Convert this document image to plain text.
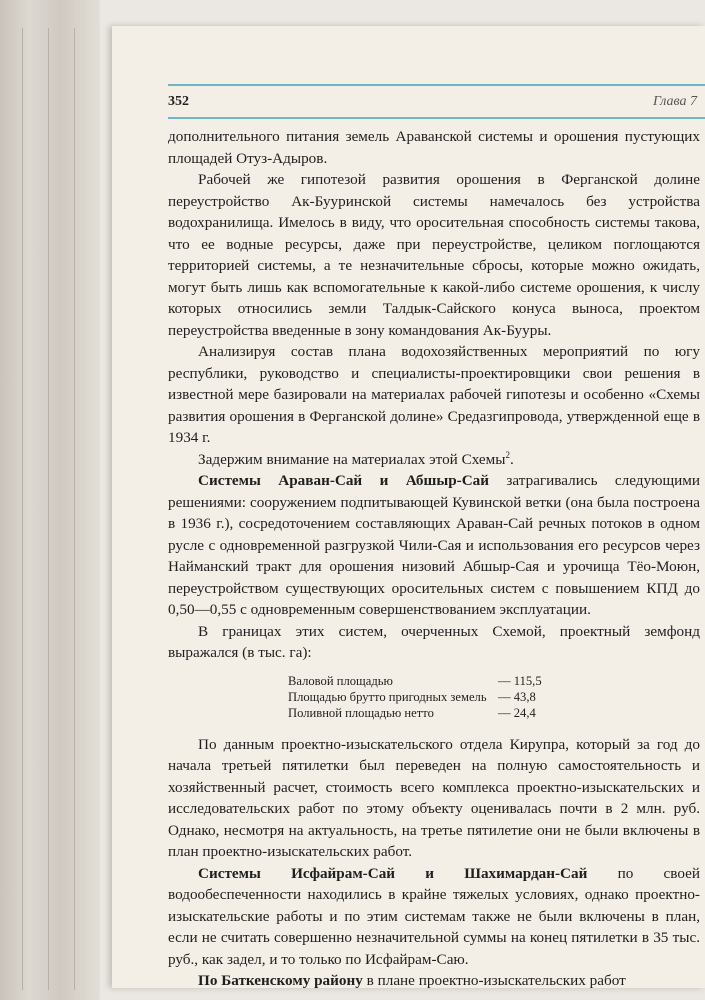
352	Глава 7

дополнительного питания земель Араванской системы и орошения пустующих площадей Отуз-Адыров.

Рабочей же гипотезой развития орошения в Ферганской долине переустройство Ак-Бууринской системы намечалось без устройства водохранилища. Имелось в виду, что оросительная способность системы такова, что ее водные ресурсы, даже при переустройстве, целиком поглощаются территорией системы, а те незначительные сбросы, которые можно ожидать, могут быть лишь как вспомогательные к какой-либо системе орошения, к числу которых относились земли Талдык-Сайского конуса выноса, проектом переустройства введенные в зону командования Ак-Бууры.

Анализируя состав плана водохозяйственных мероприятий по югу республики, руководство и специалисты-проектировщики свои решения в известной мере базировали на материалах рабочей гипотезы и особенно «Схемы развития орошения в Ферганской долине» Средазгипровода, утвержденной еще в 1934 г.

Задержим внимание на материалах этой Схемы$^2$.

Системы Араван-Сай и Абшыр-Сай затрагивались следующими решениями: сооружением подпитывающей Кувинской ветки (она была построена в 1936 г.), сосредоточением составляющих Араван-Сай речных потоков в одном русле с одновременной разгрузкой Чили-Сая и использования его ресурсов через Найманский тракт для орошения низовий Абшыр-Сая и урочища Тёо-Моюн, переустройством существующих оросительных систем с повышением КПД до 0,50—0,55 с одновременным совершенствованием эксплуатации.

В границах этих систем, очерченных Схемой, проектный земфонд выражался (в тыс. га):

Валовой площадью	— 115,5
Площадью брутто пригодных земель — 43,8
Поливной площадью нетто	— 24,4

По данным проектно-изыскательского отдела Кирупра, который за год до начала третьей пятилетки был переведен на полную самостоятельность и хозяйственный расчет, стоимость всего комплекса проектно-изыскательских и исследовательских работ по этому объекту оценивалась почти в 2 млн. руб. Однако, несмотря на актуальность, на третье пятилетие они не были включены в план проектно-изыскательских работ.

Системы Исфайрам-Сай и Шахимардан-Сай по своей водообеспеченности находились в крайне тяжелых условиях, однако проектно-изыскательские работы и по этим системам также не были включены в план, если не считать совершенно незначительной суммы на конец пятилетки в 35 тыс. руб., как задел, и то только по Исфайрам-Саю.

По Баткенскому району в плане проектно-изыскательских работ
